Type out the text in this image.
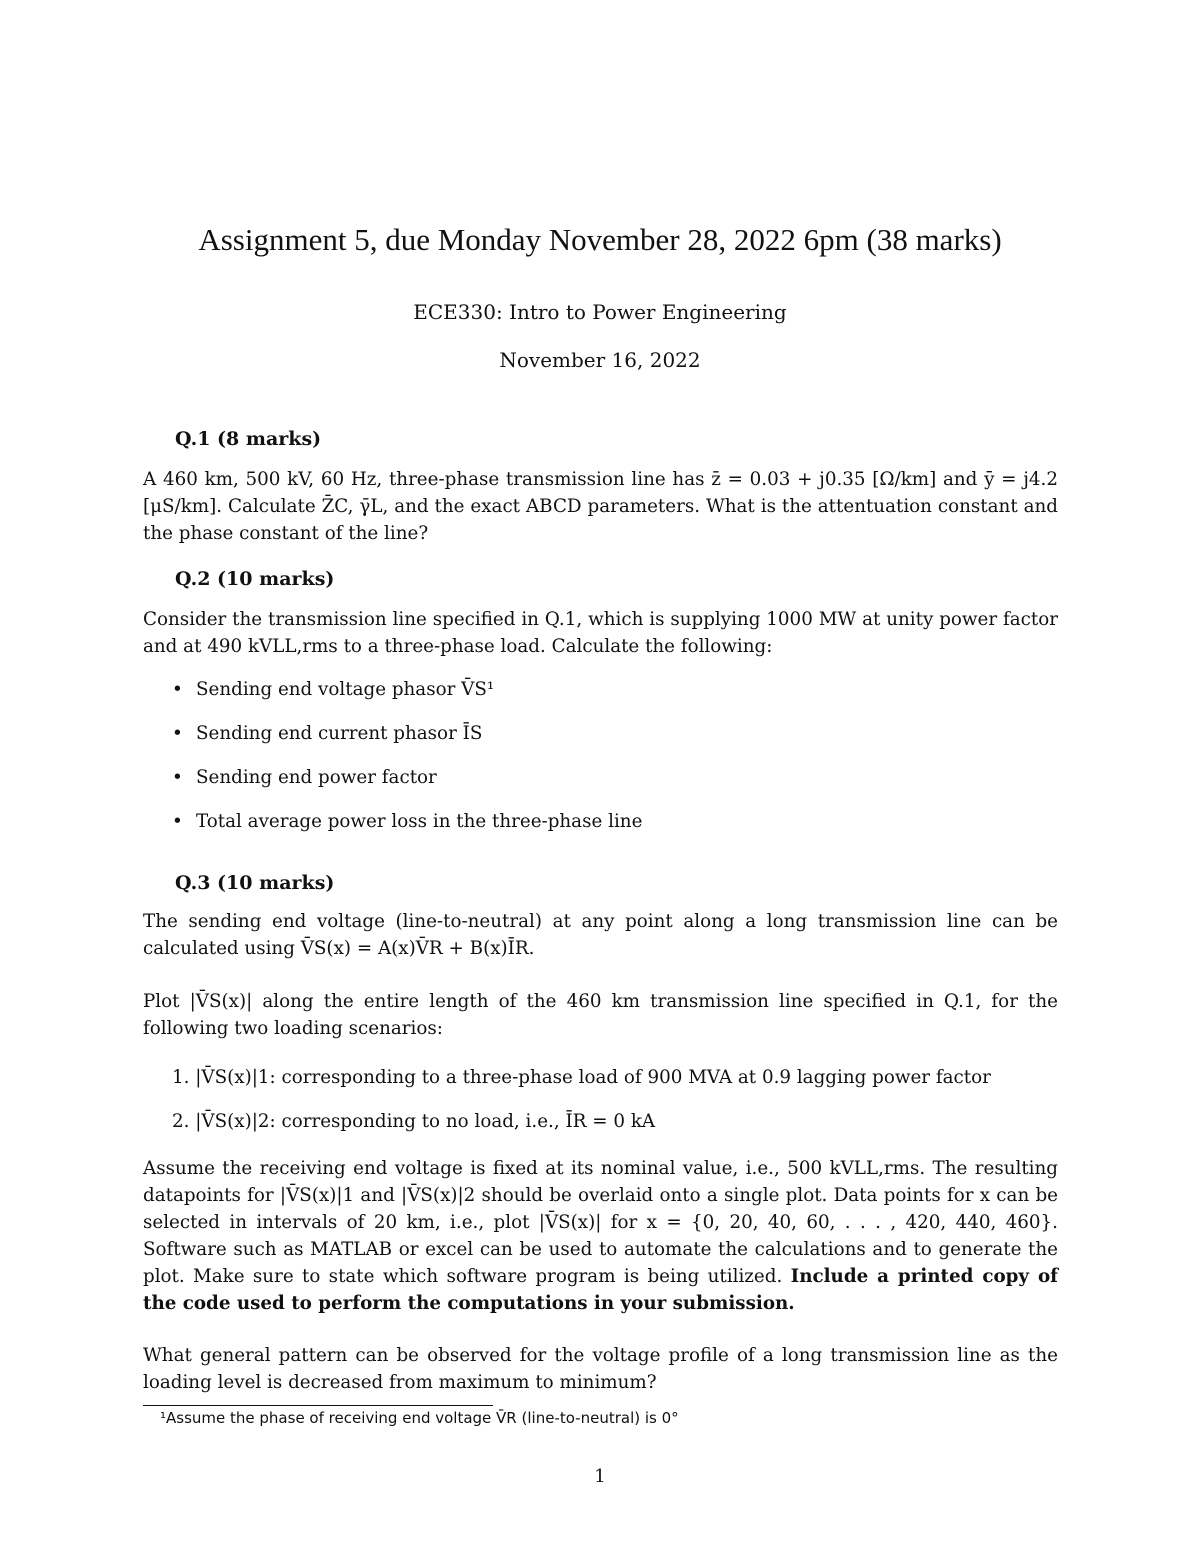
Assignment 5, due Monday November 28, 2022 6pm (38 marks)
ECE330: Intro to Power Engineering
November 16, 2022
Q.1 (8 marks)
A 460 km, 500 kV, 60 Hz, three-phase transmission line has z̄ = 0.03 + j0.35 [Ω/km] and ȳ = j4.2 [μS/km]. Calculate Z̄C, γ̄L, and the exact ABCD parameters. What is the attentuation constant and the phase constant of the line?
Q.2 (10 marks)
Consider the transmission line specified in Q.1, which is supplying 1000 MW at unity power factor and at 490 kVLL,rms to a three-phase load. Calculate the following:
• Sending end voltage phasor V̄S¹
• Sending end current phasor ĪS
• Sending end power factor
• Total average power loss in the three-phase line
Q.3 (10 marks)
The sending end voltage (line-to-neutral) at any point along a long transmission line can be calculated using V̄S(x) = A(x)V̄R + B(x)ĪR.
Plot |V̄S(x)| along the entire length of the 460 km transmission line specified in Q.1, for the following two loading scenarios:
1. |V̄S(x)|1: corresponding to a three-phase load of 900 MVA at 0.9 lagging power factor
2. |V̄S(x)|2: corresponding to no load, i.e., ĪR = 0 kA
Assume the receiving end voltage is fixed at its nominal value, i.e., 500 kVLL,rms. The resulting datapoints for |V̄S(x)|1 and |V̄S(x)|2 should be overlaid onto a single plot. Data points for x can be selected in intervals of 20 km, i.e., plot |V̄S(x)| for x = {0, 20, 40, 60, . . . , 420, 440, 460}. Software such as MATLAB or excel can be used to automate the calculations and to generate the plot. Make sure to state which software program is being utilized. Include a printed copy of the code used to perform the computations in your submission.
What general pattern can be observed for the voltage profile of a long transmission line as the loading level is decreased from maximum to minimum?
¹Assume the phase of receiving end voltage V̄R (line-to-neutral) is 0°
1
